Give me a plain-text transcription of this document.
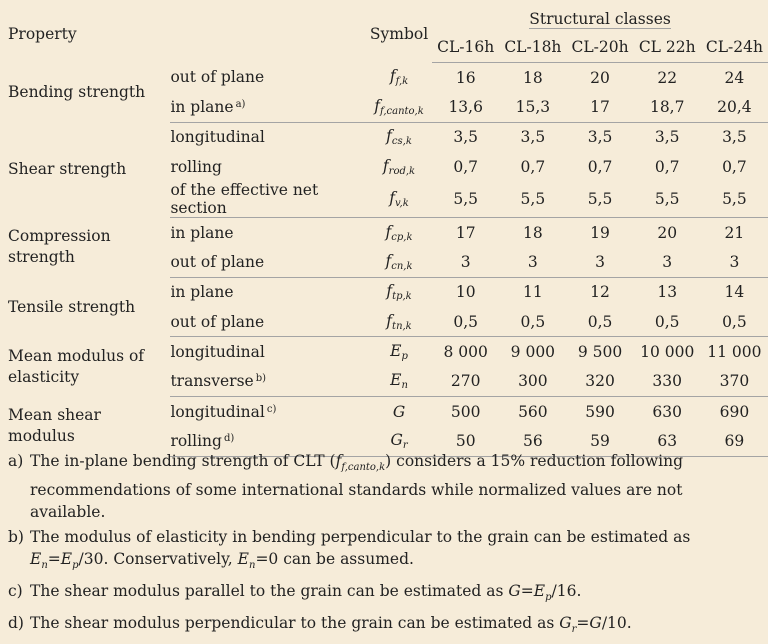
Property		Symbol	Structural classes				
			CL-16h	CL-18h	CL-20h	CL 22h	CL-24h
Bending strength	out of plane	ff,k	16	18	20	22	24
	in plane $^{a)}$	ff,canto,k	13,6	15,3	17	18,7	20,4
Shear strength	longitudinal	fcs,k	3,5	3,5	3,5	3,5	3,5
	rolling	frod,k	0,7	0,7	0,7	0,7	0,7
	of the effective net section	fv,k	5,5	5,5	5,5	5,5	5,5
Compression strength	in plane	fcp,k	17	18	19	20	21
	out of plane	fcn,k	3	3	3	3	3
Tensile strength	in plane	ftp,k	10	11	12	13	14
	out of plane	ftn,k	0,5	0,5	0,5	0,5	0,5
Mean modulus of elasticity	longitudinal	Ep	8 000	9 000	9 500	10 000	11 000
	transverse $^{b)}$	En	270	300	320	330	370
Mean shear modulus	longitudinal $^{c)}$	G	500	560	590	630	690
	rolling $^{d)}$	Gr	50	56	59	63	69
a) The in-plane bending strength of CLT $(f_{f,canto,k})$ considers a 15% reduction following recommendations of some international standards while normalized values are not available.
b) The modulus of elasticity in bending perpendicular to the grain can be estimated as $E_n=E_p/30$. Conservatively, $E_n=0$ can be assumed.
c) The shear modulus parallel to the grain can be estimated as $G=E_p/16$.
d) The shear modulus perpendicular to the grain can be estimated as $G_r=G/10$.
